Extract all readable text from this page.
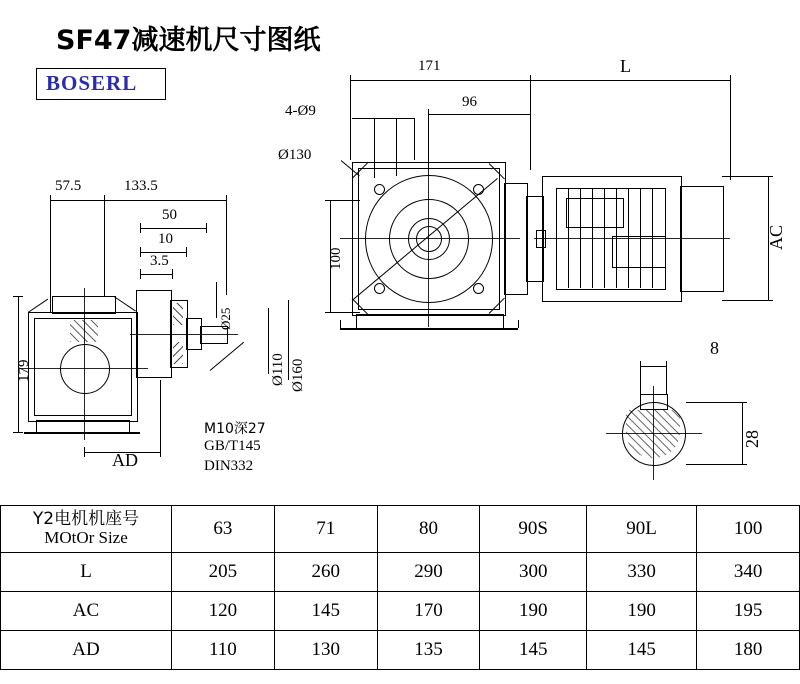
SF47减速机尺寸图纸
BOSERL
171	L
96
4-Ø9
Ø130
AC
100
Ø160
Ø110
57.5	133.5
50
10
3.5
Ø25
179
AD
M10深27
GB/T145
DIN332
8
28
Y2电机机座号
MOtOr Size	63	71	80	90S	90L	100
L	205	260	290	300	330	340
AC	120	145	170	190	190	195
AD	110	130	135	145	145	180
